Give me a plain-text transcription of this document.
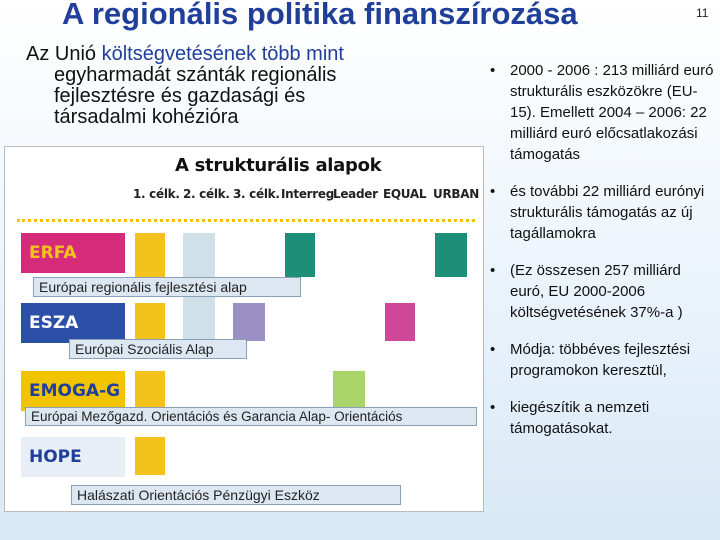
A regionális politika finanszírozása	11
Az Unió költségvetésének több mint
egyharmadát szánták regionális
fejlesztésre és gazdasági és
társadalmi kohézióra
A strukturális alapok
1. célk. 2. célk. 3. célk. Interreg
Leader EQUAL URBAN
ERFA
Európai regionális fejlesztési alap
ESZA
Európai Szociális Alap
EMOGA-G
Európai Mezőgazd. Orientációs és Garancia Alap- Orientációs
HOPE
Halászati Orientációs Pénzügyi Eszköz
• 2000 - 2006 : 213 milliárd euró strukturális eszközökre (EU-15). Emellett 2004 – 2006: 22 milliárd euró előcsatlakozási támogatás
• és további 22 milliárd eurónyi strukturális támogatás az új tagállamokra
• (Ez összesen 257 milliárd euró, EU 2000-2006 költségvetésének 37%-a )
• Módja: többéves fejlesztési programokon keresztül,
• kiegészítik a nemzeti támogatásokat.
